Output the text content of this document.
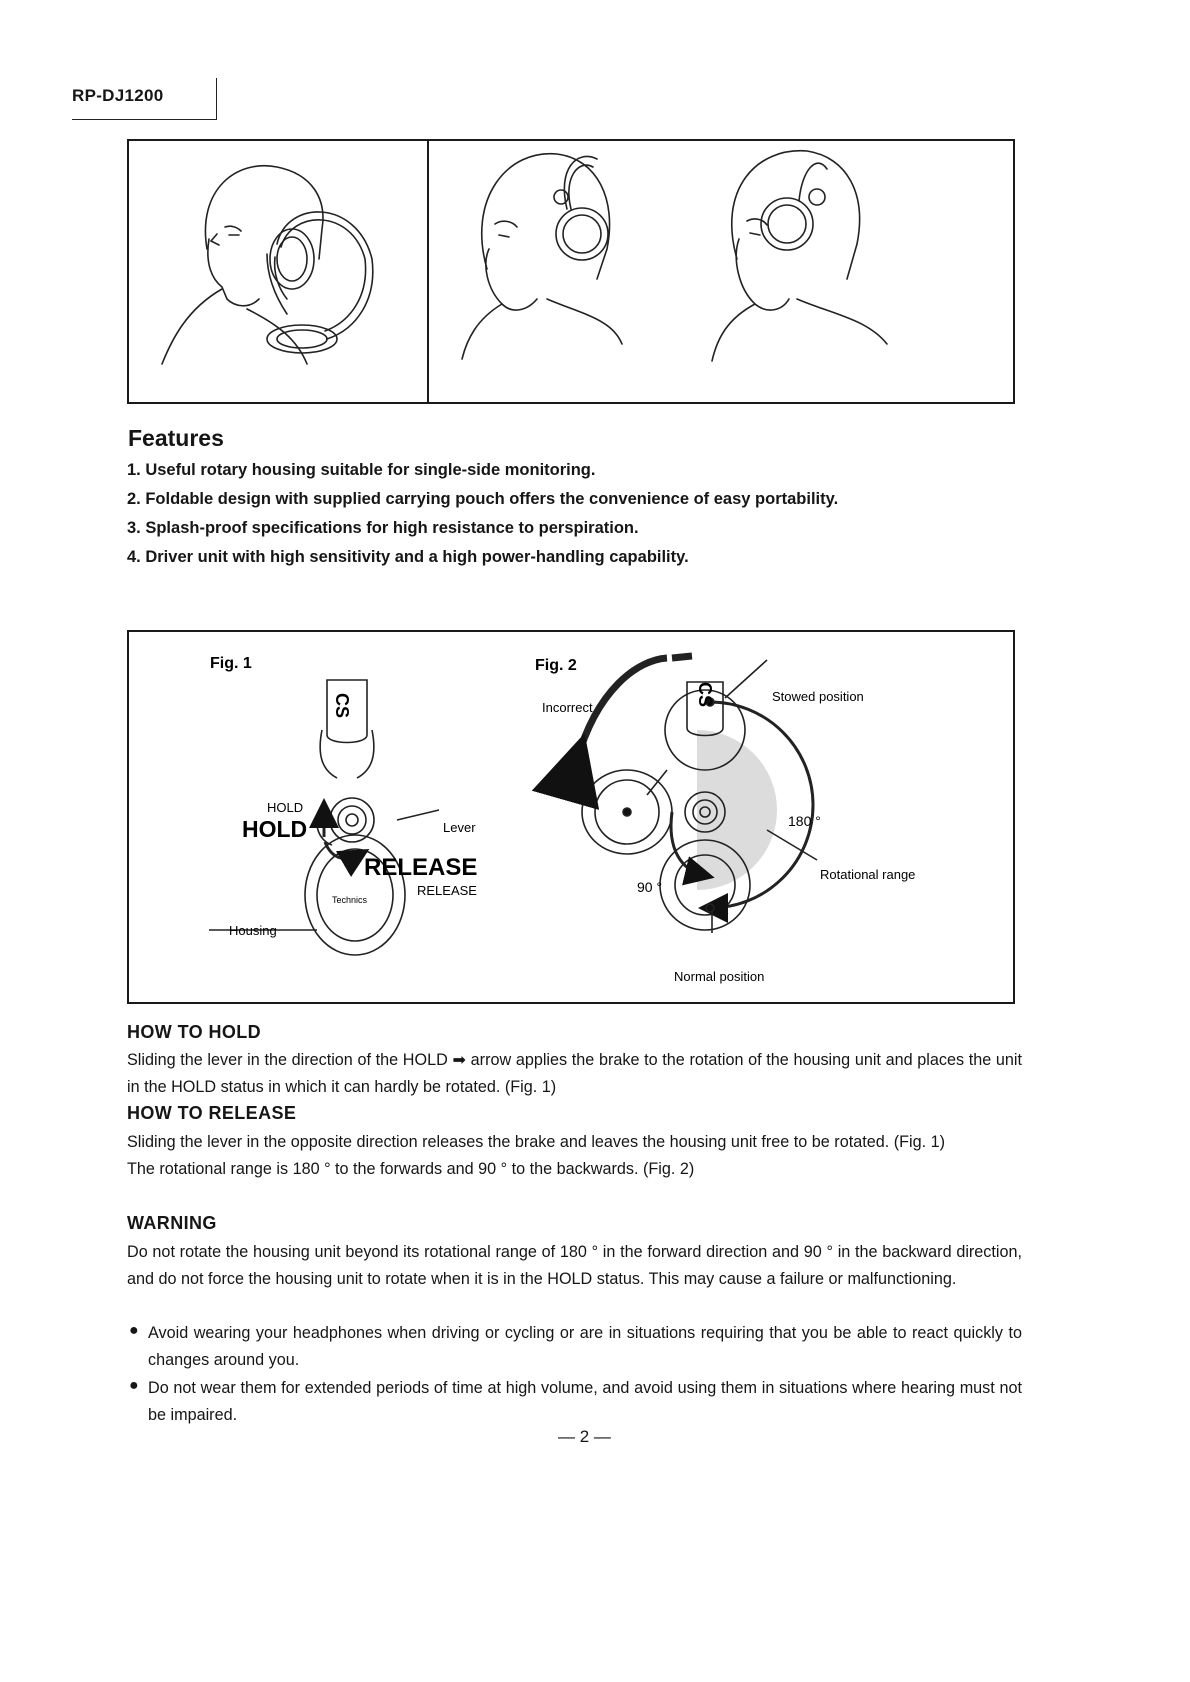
RP-DJ1200
Features
1. Useful rotary housing suitable for single-side monitoring.
2. Foldable design with supplied carrying pouch offers the convenience of easy portability.
3. Splash-proof specifications for high resistance to perspiration.
4. Driver unit with high sensitivity and a high power-handling capability.
Fig. 1
CS
HOLD
HOLD	Lever
RELEASE
RELEASE
Housing
Technics
Fig. 2
CS
Incorrect
Stowed position
180 °
Rotational range
90 °
Normal position
HOW TO HOLD
Sliding the lever in the direction of the HOLD ➡ arrow applies the brake to the rotation of the housing unit and places the unit in the HOLD status in which it can hardly be rotated. (Fig. 1)
HOW TO RELEASE
Sliding the lever in the opposite direction releases the brake and leaves the housing unit free to be rotated. (Fig. 1)
The rotational range is 180 ° to the forwards and 90 ° to the backwards. (Fig. 2)
WARNING
Do not rotate the housing unit beyond its rotational range of 180 ° in the forward direction and 90 ° in the backward direction, and do not force the housing unit to rotate when it is in the HOLD status. This may cause a failure or malfunctioning.
● Avoid wearing your headphones when driving or cycling or are in situations requiring that you be able to react quickly to changes around you.
● Do not wear them for extended periods of time at high volume, and avoid using them in situations where hearing must not be impaired.
— 2 —
